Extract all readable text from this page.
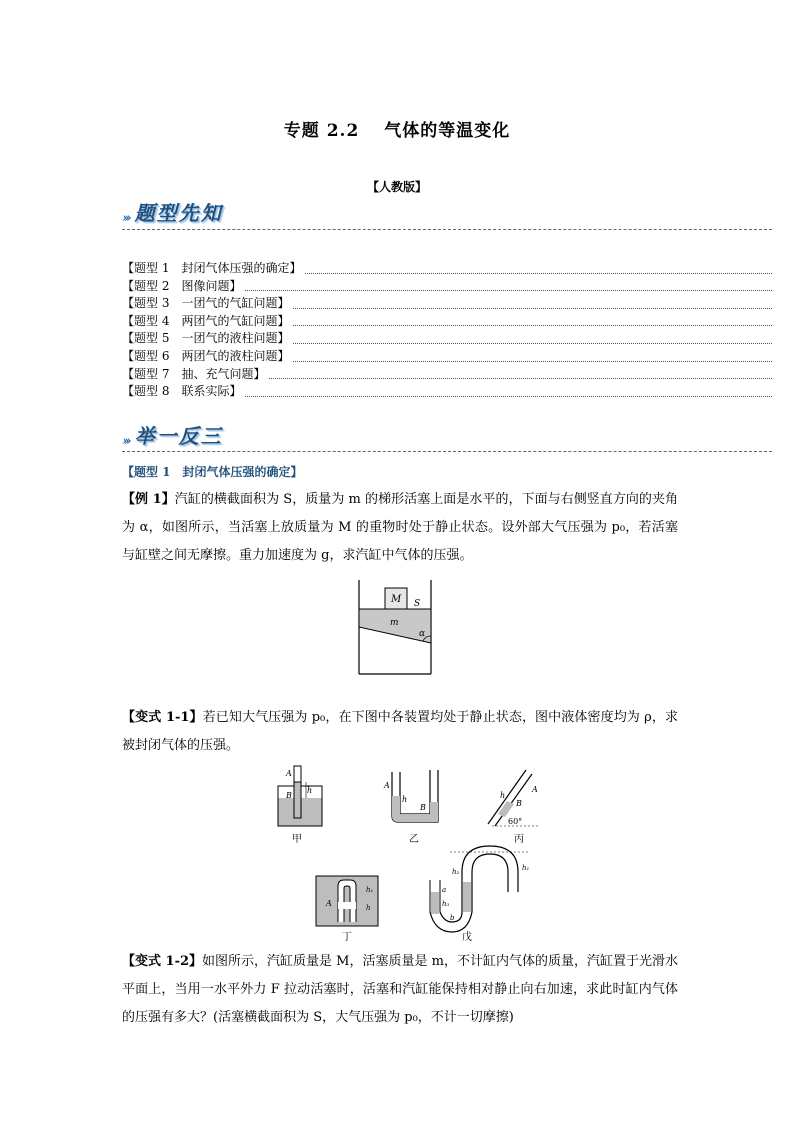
专题 2.2　 气体的等温变化
【人教版】
››› 题型先知
【题型 1　封闭气体压强的确定】
【题型 2　图像问题】
【题型 3　一团气的气缸问题】
【题型 4　两团气的气缸问题】
【题型 5　一团气的液柱问题】
【题型 6　两团气的液柱问题】
【题型 7　抽、充气问题】
【题型 8　联系实际】
››› 举一反三
【题型 1　封闭气体压强的确定】
【例 1】汽缸的横截面积为 S，质量为 m 的梯形活塞上面是水平的，下面与右侧竖直方向的夹角为 α，如图所示，当活塞上放质量为 M 的重物时处于静止状态。设外部大气压强为 p₀，若活塞与缸壁之间无摩擦。重力加速度为 g，求汽缸中气体的压强。
M S
m
α
【变式 1-1】若已知大气压强为 p₀，在下图中各装置均处于静止状态，图中液体密度均为 ρ，求被封闭气体的压强。
A
B
h
甲
A
B
h
乙
A
B
h
60°
丙
A
h₁
h
丁
h₂
a
h₃
b
h₁
戊
【变式 1-2】如图所示，汽缸质量是 M，活塞质量是 m，不计缸内气体的质量，汽缸置于光滑水平面上，当用一水平外力 F 拉动活塞时，活塞和汽缸能保持相对静止向右加速，求此时缸内气体的压强有多大？(活塞横截面积为 S，大气压强为 p₀，不计一切摩擦)
